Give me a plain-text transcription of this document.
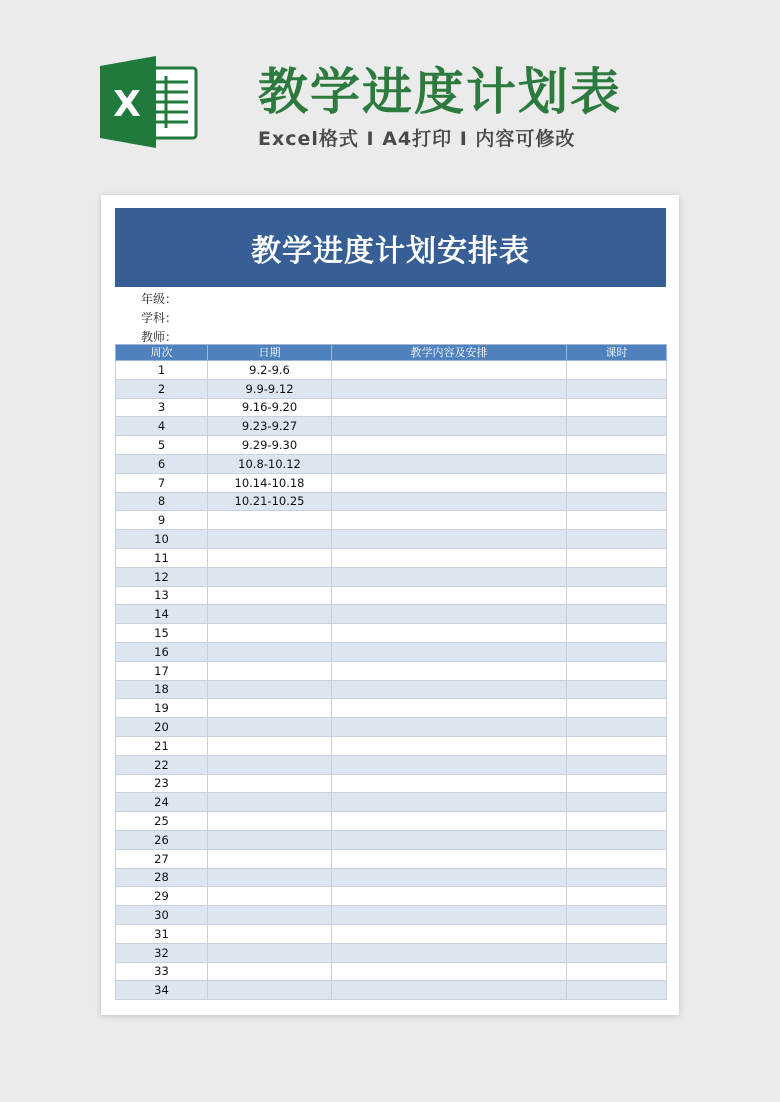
X 教学进度计划表
Excel格式 I A4打印 I 内容可修改
教学进度计划安排表
年级：
学科：
教师：
周次	日期	教学内容及安排	课时
1	9.2-9.6		
2	9.9-9.12		
3	9.16-9.20		
4	9.23-9.27		
5	9.29-9.30		
6	10.8-10.12		
7	10.14-10.18		
8	10.21-10.25		
9			
10			
11			
12			
13			
14			
15			
16			
17			
18			
19			
20			
21			
22			
23			
24			
25			
26			
27			
28			
29			
30			
31			
32			
33			
34			
